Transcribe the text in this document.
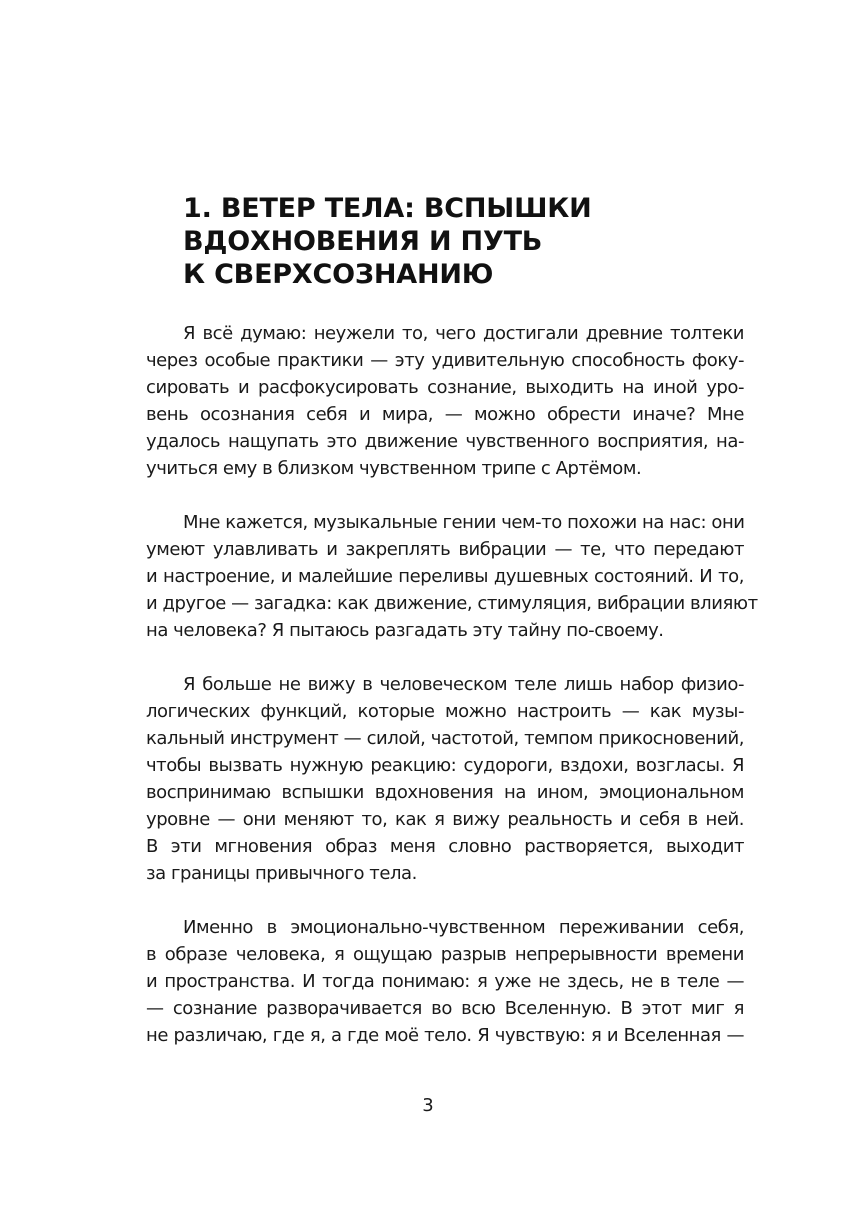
1. ВЕТЕР ТЕЛА: ВСПЫШКИ
ВДОХНОВЕНИЯ И ПУТЬ
К СВЕРХСОЗНАНИЮ

Я всё думаю: неужели то, чего достигали древние толтеки
через особые практики — эту удивительную способность фоку-
сировать и расфокусировать сознание, выходить на иной уро-
вень осознания себя и мира, — можно обрести иначе? Мне
удалось нащупать это движение чувственного восприятия, на-
учиться ему в близком чувственном трипе с Артёмом.

Мне кажется, музыкальные гении чем-то похожи на нас: они
умеют улавливать и закреплять вибрации — те, что передают
и настроение, и малейшие переливы душевных состояний. И то,
и другое — загадка: как движение, стимуляция, вибрации влияют
на человека? Я пытаюсь разгадать эту тайну по-своему.

Я больше не вижу в человеческом теле лишь набор физио-
логических функций, которые можно настроить — как музы-
кальный инструмент — силой, частотой, темпом прикосновений,
чтобы вызвать нужную реакцию: судороги, вздохи, возгласы. Я
воспринимаю вспышки вдохновения на ином, эмоциональном
уровне — они меняют то, как я вижу реальность и себя в ней.
В эти мгновения образ меня словно растворяется, выходит
за границы привычного тела.

Именно в эмоционально-чувственном переживании себя,
в образе человека, я ощущаю разрыв непрерывности времени
и пространства. И тогда понимаю: я уже не здесь, не в теле —
— сознание разворачивается во всю Вселенную. В этот миг я
не различаю, где я, а где моё тело. Я чувствую: я и Вселенная —

3
